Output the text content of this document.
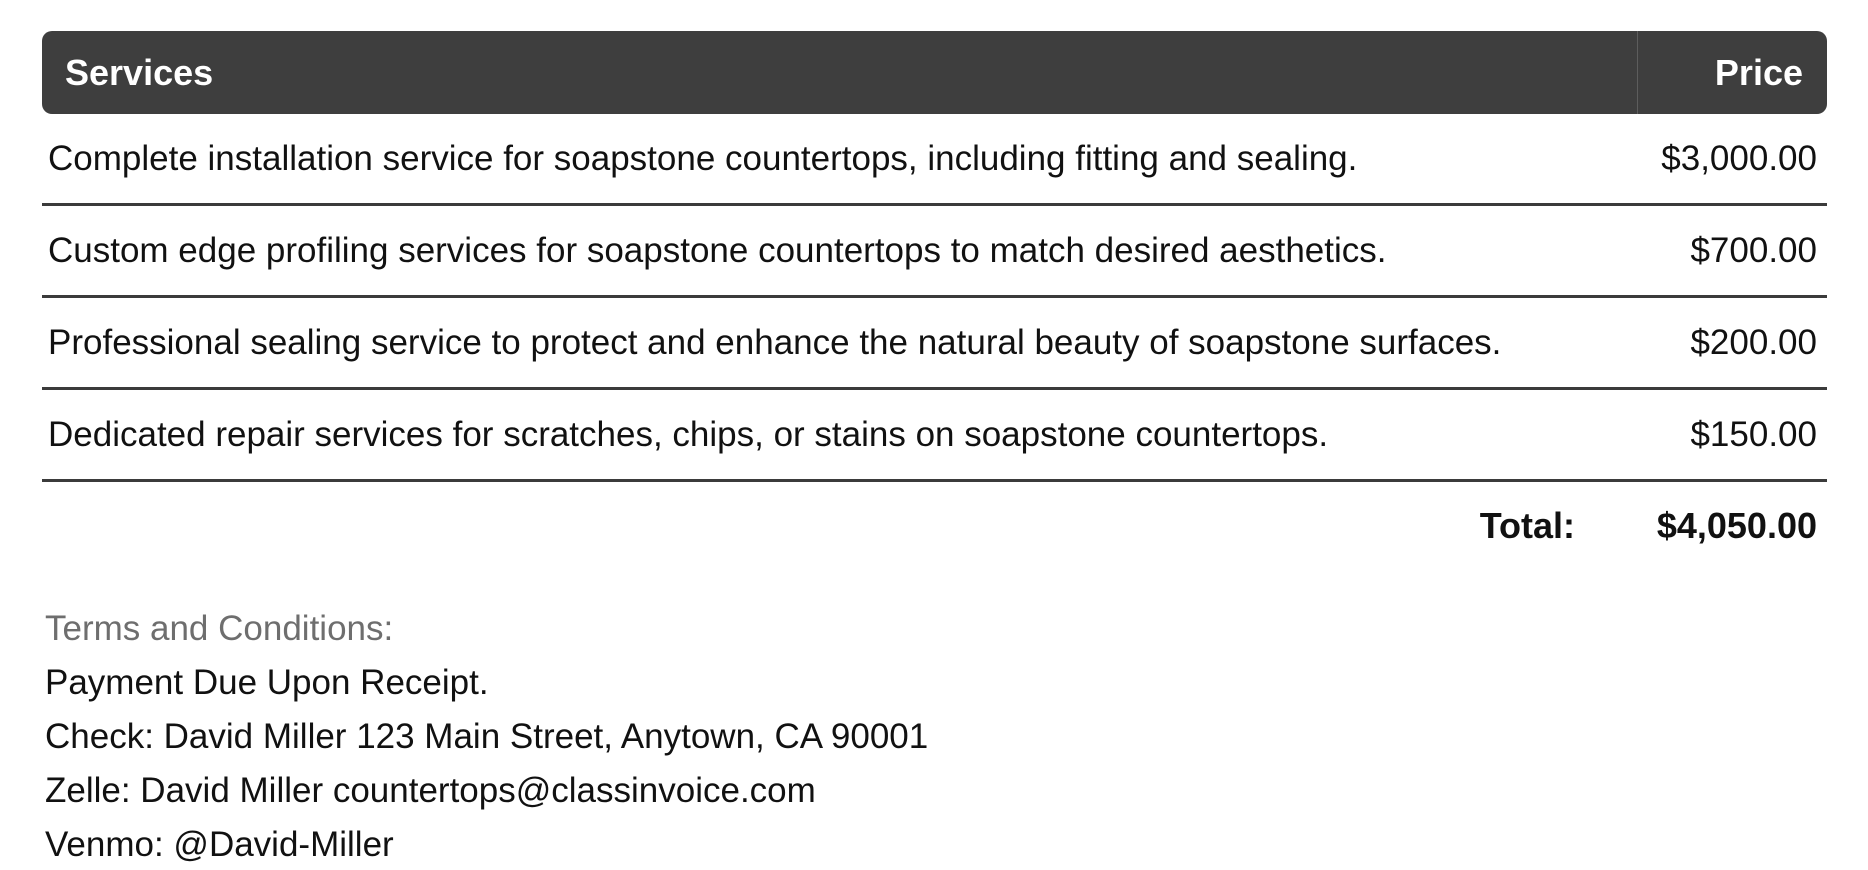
Services	Price
Complete installation service for soapstone countertops, including fitting and sealing.	$3,000.00
Custom edge profiling services for soapstone countertops to match desired aesthetics.	$700.00
Professional sealing service to protect and enhance the natural beauty of soapstone surfaces.	$200.00
Dedicated repair services for scratches, chips, or stains on soapstone countertops.	$150.00
Total:	$4,050.00
Terms and Conditions:
Payment Due Upon Receipt.
Check: David Miller 123 Main Street, Anytown, CA 90001
Zelle: David Miller countertops@classinvoice.com
Venmo: @David-Miller
